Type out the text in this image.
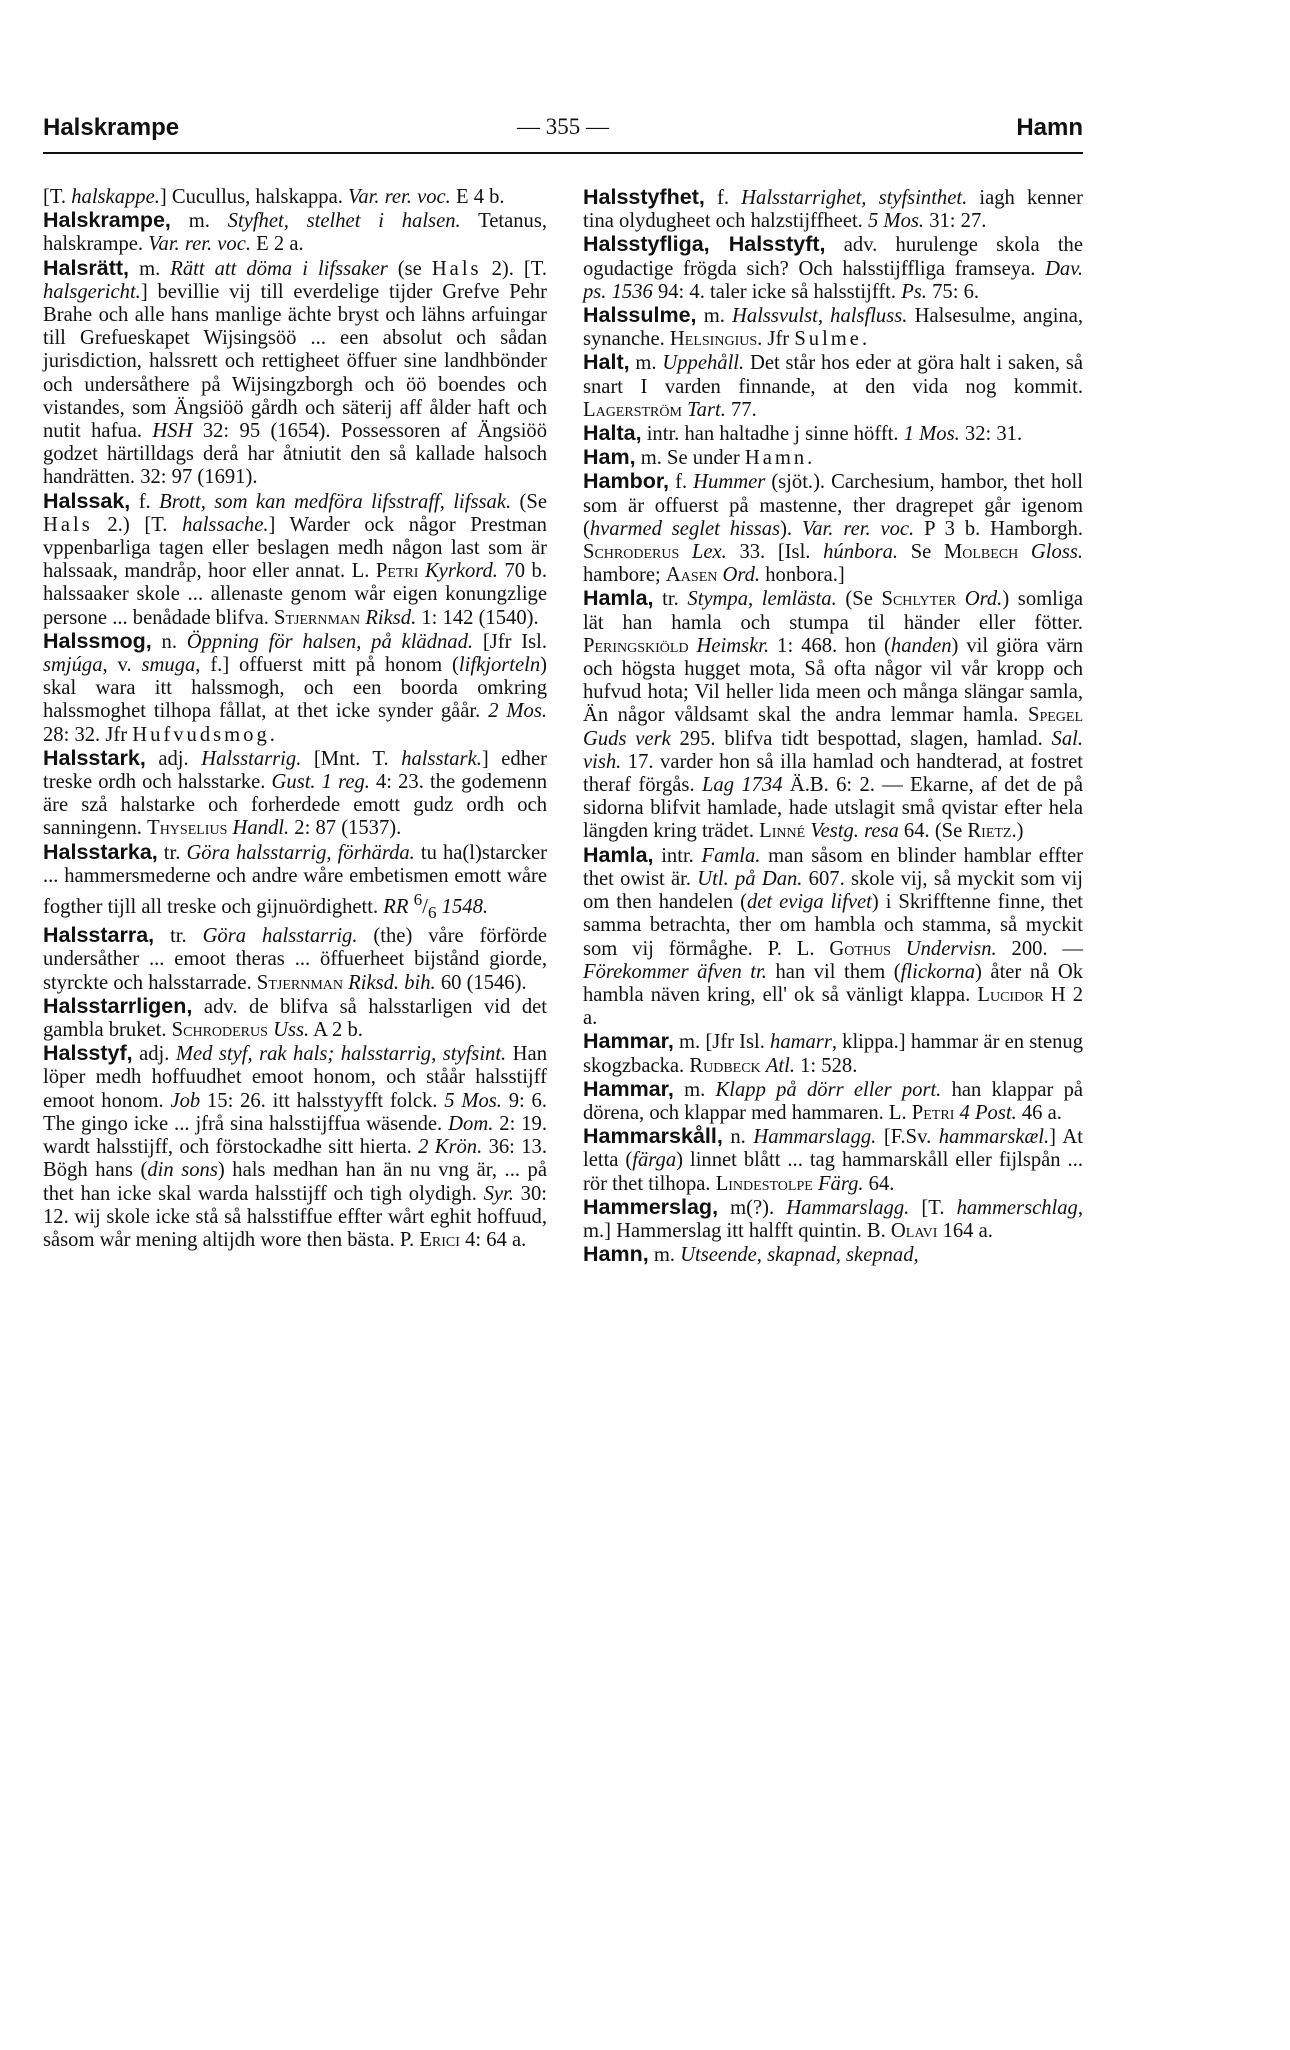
Halskrampe	— 355 —	Hamn

[T. halskappe.] Cucullus, halskappa. Var. rer. voc. E 4 b.

Halskrampe, m. Styfhet, stelhet i halsen. Tetanus, halskrampe. Var. rer. voc. E 2 a.

Halsrätt, m. Rätt att döma i lifssaker (se Hals 2). [T. halsgericht.] bevillie vij till everdelige tijder Grefve Pehr Brahe och alle hans manlige ächte bryst och lähns arfuingar till Grefueskapet Wijsingsöö ... een absolut och sådan jurisdiction, halssrett och rettigheet öffuer sine landhbönder och undersåthere på Wijsingzborgh och öö boendes och vistandes, som Ängsiöö gårdh och säterij aff ålder haft och nutit hafua. HSH 32: 95 (1654). Possessoren af Ängsiöö godzet härtilldags derå har åtniutit den så kallade halsoch handrätten. 32: 97 (1691).

Halssak, f. Brott, som kan medföra lifsstraff, lifssak. (Se Hals 2.) [T. halssache.] Warder ock någor Prestman vppenbarliga tagen eller beslagen medh någon last som är halssaak, mandråp, hoor eller annat. L. Petri Kyrkord. 70 b. halssaaker skole ... allenaste genom wår eigen konungzlige persone ... benådade blifva. Stjernman Riksd. 1: 142 (1540).

Halssmog, n. Öppning för halsen, på klädnad. [Jfr Isl. smjúga, v. smuga, f.] offuerst mitt på honom (lifkjorteln) skal wara itt halssmogh, och een boorda omkring halssmoghet tilhopa fållat, at thet icke synder gåår. 2 Mos. 28: 32. Jfr Hufvudsmog.

Halsstark, adj. Halsstarrig. [Mnt. T. halsstark.] edher treske ordh och halsstarke. Gust. 1 reg. 4: 23. the godemenn äre szå halstarke och forherdede emott gudz ordh och sanningenn. Thyselius Handl. 2: 87 (1537).

Halsstarka, tr. Göra halsstarrig, förhärda. tu ha(l)starcker ... hammersmederne och andre wåre embetismen emott wåre fogther tijll all treske och gijnuördighett. RR $^6/_6$ 1548.

Halsstarra, tr. Göra halsstarrig. (the) våre förförde undersåther ... emoot theras ... öffuerheet bijstånd giorde, styrckte och halsstarrade. Stjernman Riksd. bih. 60 (1546).

Halsstarrligen, adv. de blifva så halsstarligen vid det gambla bruket. Schroderus Uss. A 2 b.

Halsstyf, adj. Med styf, rak hals; halsstarrig, styfsint. Han löper medh hoffuudhet emoot honom, och ståår halsstijff emoot honom. Job 15: 26. itt halsstyyfft folck. 5 Mos. 9: 6. The gingo icke ... jfrå sina halsstijffua wäsende. Dom. 2: 19. wardt halsstijff, och förstockadhe sitt hierta. 2 Krön. 36: 13. Bögh hans (din sons) hals medhan han än nu vng är, ... på thet han icke skal warda halsstijff och tigh olydigh. Syr. 30: 12. wij skole icke stå så halsstiffue effter wårt eghit hoffuud, såsom wår mening altijdh wore then bästa. P. Erici 4: 64 a.

Halsstyfhet, f. Halsstarrighet, styfsinthet. iagh kenner tina olydugheet och halzstijffheet. 5 Mos. 31: 27.

Halsstyfliga, Halsstyft, adv. hurulenge skola the ogudactige frögda sich? Och halsstijffliga framseya. Dav. ps. 1536 94: 4. taler icke så halsstijfft. Ps. 75: 6.

Halssulme, m. Halssvulst, halsfluss. Halsesulme, angina, synanche. Helsingius. Jfr Sulme.

Halt, m. Uppehåll. Det står hos eder at göra halt i saken, så snart I varden finnande, at den vida nog kommit. Lagerström Tart. 77.

Halta, intr. han haltadhe j sinne höfft. 1 Mos. 32: 31.

Ham, m. Se under Hamn.

Hambor, f. Hummer (sjöt.). Carchesium, hambor, thet holl som är offuerst på mastenne, ther dragrepet går igenom (hvarmed seglet hissas). Var. rer. voc. P 3 b. Hamborgh. Schroderus Lex. 33. [Isl. húnbora. Se Molbech Gloss. hambore; Aasen Ord. honbora.]

Hamla, tr. Stympa, lemlästa. (Se Schlyter Ord.) somliga lät han hamla och stumpa til händer eller fötter. Peringskiöld Heimskr. 1: 468. hon (handen) vil giöra värn och högsta hugget mota, Så ofta någor vil vår kropp och hufvud hota; Vil heller lida meen och många slängar samla, Än någor våldsamt skal the andra lemmar hamla. Spegel Guds verk 295. blifva tidt bespottad, slagen, hamlad. Sal. vish. 17. varder hon så illa hamlad och handterad, at fostret theraf förgås. Lag 1734 Ä.B. 6: 2. — Ekarne, af det de på sidorna blifvit hamlade, hade utslagit små qvistar efter hela längden kring trädet. Linné Vestg. resa 64. (Se Rietz.)

Hamla, intr. Famla. man såsom en blinder hamblar effter thet owist är. Utl. på Dan. 607. skole vij, så myckit som vij om then handelen (det eviga lifvet) i Skrifftenne finne, thet samma betrachta, ther om hambla och stamma, så myckit som vij förmåghe. P. L. Gothus Undervisn. 200. — Förekommer äfven tr. han vil them (flickorna) åter nå Ok hambla näven kring, ell' ok så vänligt klappa. Lucidor H 2 a.

Hammar, m. [Jfr Isl. hamarr, klippa.] hammar är en stenug skogzbacka. Rudbeck Atl. 1: 528.

Hammar, m. Klapp på dörr eller port. han klappar på dörena, och klappar med hammaren. L. Petri 4 Post. 46 a.

Hammarskåll, n. Hammarslagg. [F.Sv. hammarskæl.] At letta (färga) linnet blått ... tag hammarskåll eller fijlspån ... rör thet tilhopa. Lindestolpe Färg. 64.

Hammerslag, m(?). Hammarslagg. [T. hammerschlag, m.] Hammerslag itt halfft quintin. B. Olavi 164 a.

Hamn, m. Utseende, skapnad, skepnad,
